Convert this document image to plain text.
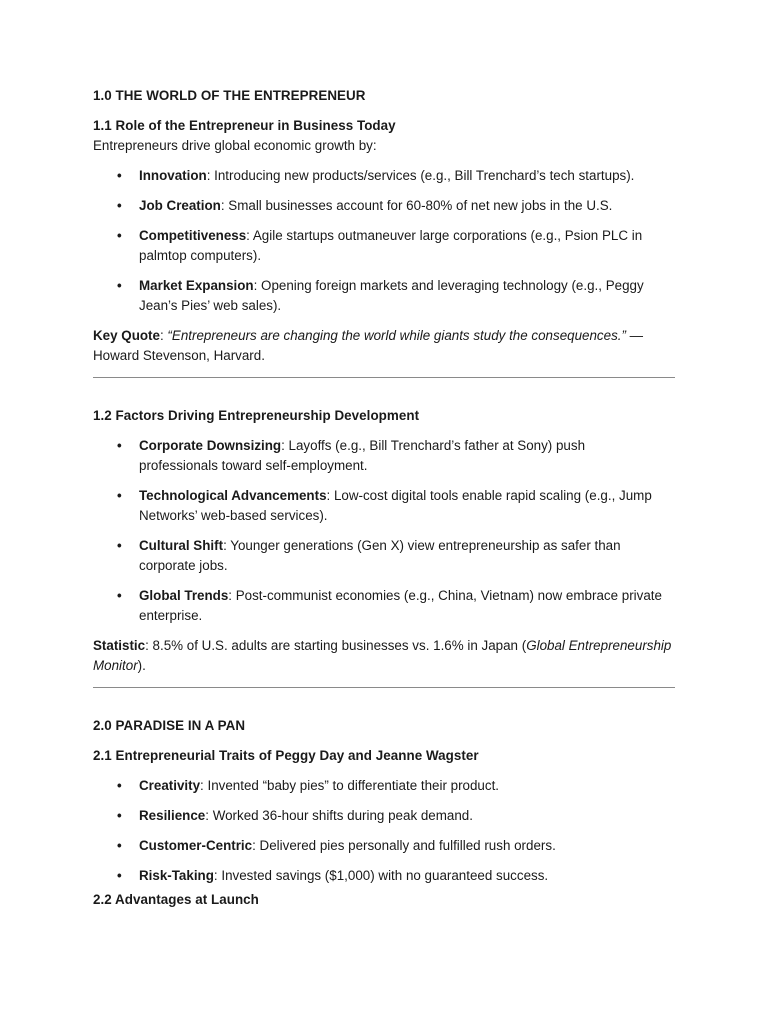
1.0 THE WORLD OF THE ENTREPRENEUR

1.1 Role of the Entrepreneur in Business Today

Entrepreneurs drive global economic growth by:

• Innovation: Introducing new products/services (e.g., Bill Trenchard’s tech startups).
• Job Creation: Small businesses account for 60-80% of net new jobs in the U.S.
• Competitiveness: Agile startups outmaneuver large corporations (e.g., Psion PLC in palmtop computers).
• Market Expansion: Opening foreign markets and leveraging technology (e.g., Peggy Jean’s Pies’ web sales).

Key Quote: “Entrepreneurs are changing the world while giants study the consequences.” — Howard Stevenson, Harvard.

1.2 Factors Driving Entrepreneurship Development

• Corporate Downsizing: Layoffs (e.g., Bill Trenchard’s father at Sony) push professionals toward self-employment.
• Technological Advancements: Low-cost digital tools enable rapid scaling (e.g., Jump Networks’ web-based services).
• Cultural Shift: Younger generations (Gen X) view entrepreneurship as safer than corporate jobs.
• Global Trends: Post-communist economies (e.g., China, Vietnam) now embrace private enterprise.

Statistic: 8.5% of U.S. adults are starting businesses vs. 1.6% in Japan (Global Entrepreneurship Monitor).

2.0 PARADISE IN A PAN

2.1 Entrepreneurial Traits of Peggy Day and Jeanne Wagster

• Creativity: Invented “baby pies” to differentiate their product.
• Resilience: Worked 36-hour shifts during peak demand.
• Customer-Centric: Delivered pies personally and fulfilled rush orders.
• Risk-Taking: Invested savings ($1,000) with no guaranteed success.

2.2 Advantages at Launch
